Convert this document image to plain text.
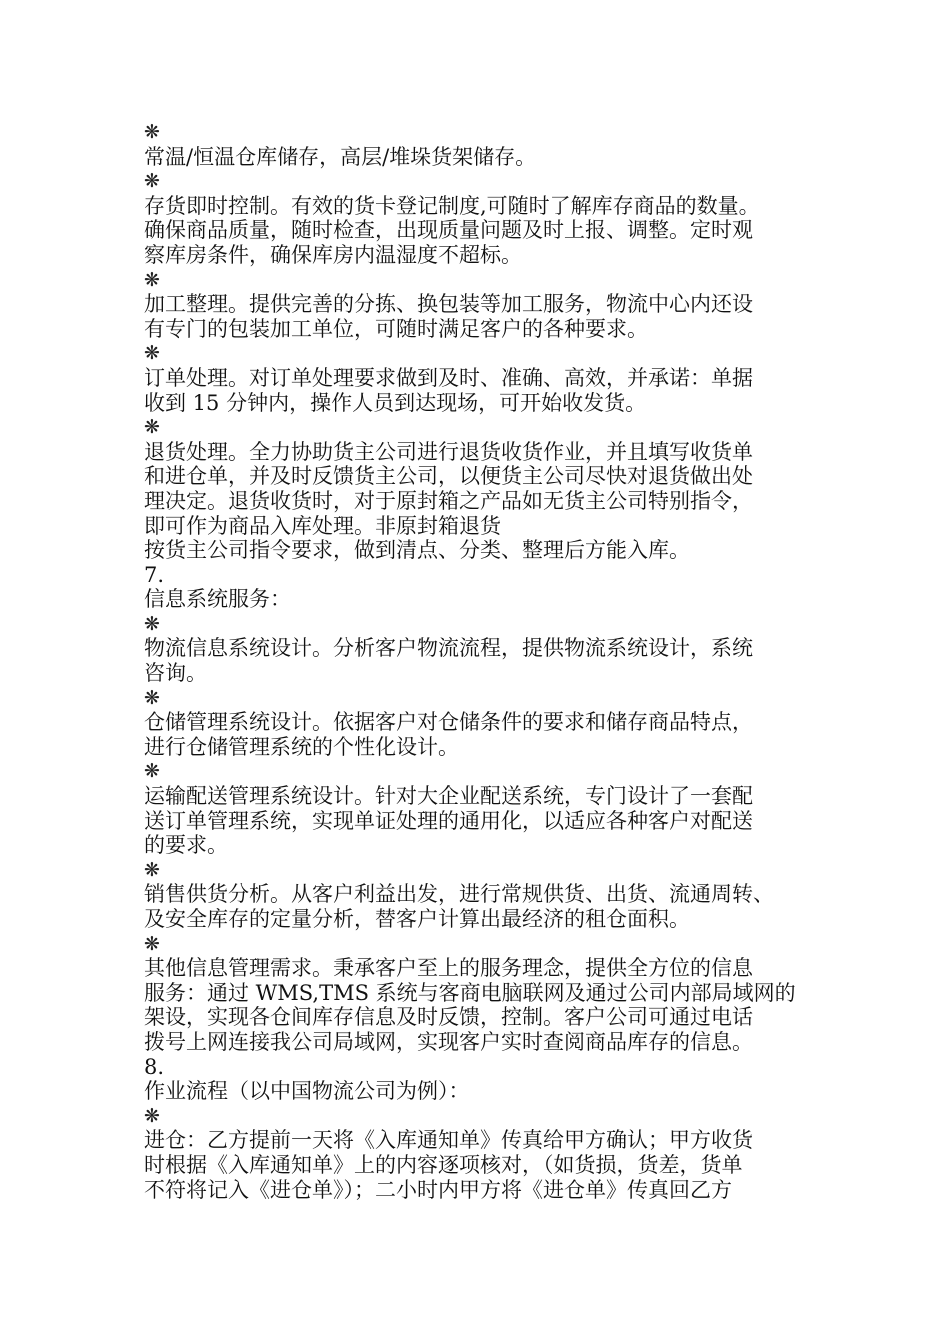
❋
常温/恒温仓库储存，高层/堆垛货架储存。
❋
存货即时控制。有效的货卡登记制度,可随时了解库存商品的数量。
确保商品质量，随时检查，出现质量问题及时上报、调整。定时观
察库房条件，确保库房内温湿度不超标。
❋
加工整理。提供完善的分拣、换包装等加工服务，物流中心内还设
有专门的包装加工单位，可随时满足客户的各种要求。
❋
订单处理。对订单处理要求做到及时、准确、高效，并承诺：单据
收到 15 分钟内，操作人员到达现场，可开始收发货。
❋
退货处理。全力协助货主公司进行退货收货作业，并且填写收货单
和进仓单，并及时反馈货主公司，以便货主公司尽快对退货做出处
理决定。退货收货时，对于原封箱之产品如无货主公司特别指令，
即可作为商品入库处理。非原封箱退货
按货主公司指令要求，做到清点、分类、整理后方能入库。
7.
信息系统服务：
❋
物流信息系统设计。分析客户物流流程，提供物流系统设计，系统
咨询。
❋
仓储管理系统设计。依据客户对仓储条件的要求和储存商品特点，
进行仓储管理系统的个性化设计。
❋
运输配送管理系统设计。针对大企业配送系统，专门设计了一套配
送订单管理系统，实现单证处理的通用化，以适应各种客户对配送
的要求。
❋
销售供货分析。从客户利益出发，进行常规供货、出货、流通周转、
及安全库存的定量分析，替客户计算出最经济的租仓面积。
❋
其他信息管理需求。秉承客户至上的服务理念，提供全方位的信息
服务：通过 WMS,TMS 系统与客商电脑联网及通过公司内部局域网的
架设，实现各仓间库存信息及时反馈，控制。客户公司可通过电话
拨号上网连接我公司局域网，实现客户实时查阅商品库存的信息。
8.
作业流程（以中国物流公司为例）：
❋
进仓：乙方提前一天将《入库通知单》传真给甲方确认；甲方收货
时根据《入库通知单》上的内容逐项核对，（如货损，货差，货单
不符将记入《进仓单》）；二小时内甲方将《进仓单》传真回乙方
